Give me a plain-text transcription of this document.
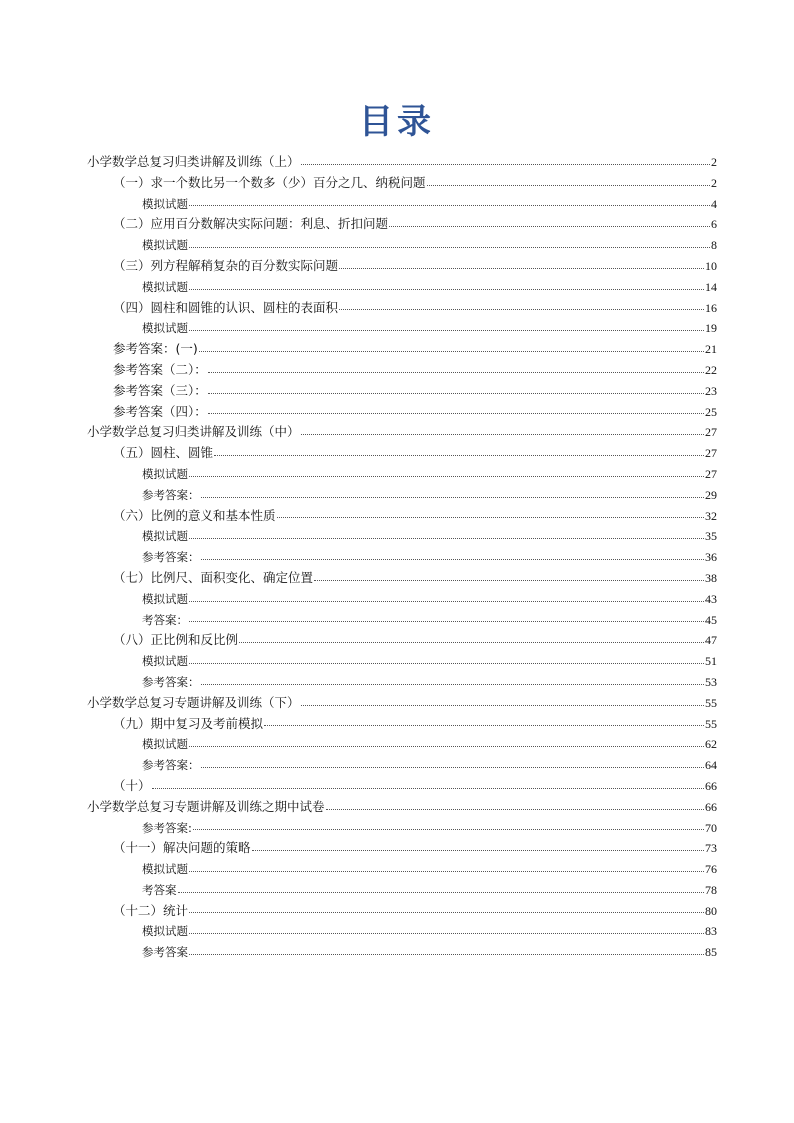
目录
小学数学总复习归类讲解及训练（上）	2
（一）求一个数比另一个数多（少）百分之几、纳税问题	2
模拟试题	4
（二）应用百分数解决实际问题：利息、折扣问题	6
模拟试题	8
（三）列方程解稍复杂的百分数实际问题	10
模拟试题	14
（四）圆柱和圆锥的认识、圆柱的表面积	16
模拟试题	19
参考答案：(一)	21
参考答案（二）：	22
参考答案（三）：	23
参考答案（四）：	25
小学数学总复习归类讲解及训练（中）	27
（五）圆柱、圆锥	27
模拟试题	27
参考答案：	29
（六）比例的意义和基本性质	32
模拟试题	35
参考答案：	36
（七）比例尺、面积变化、确定位置	38
模拟试题	43
考答案：	45
（八）正比例和反比例	47
模拟试题	51
参考答案：	53
小学数学总复习专题讲解及训练（下）	55
（九）期中复习及考前模拟	55
模拟试题	62
参考答案：	64
（十）	66
小学数学总复习专题讲解及训练之期中试卷	66
参考答案:	70
（十一）解决问题的策略	73
模拟试题	76
考答案	78
（十二）统计	80
模拟试题	83
参考答案	85
